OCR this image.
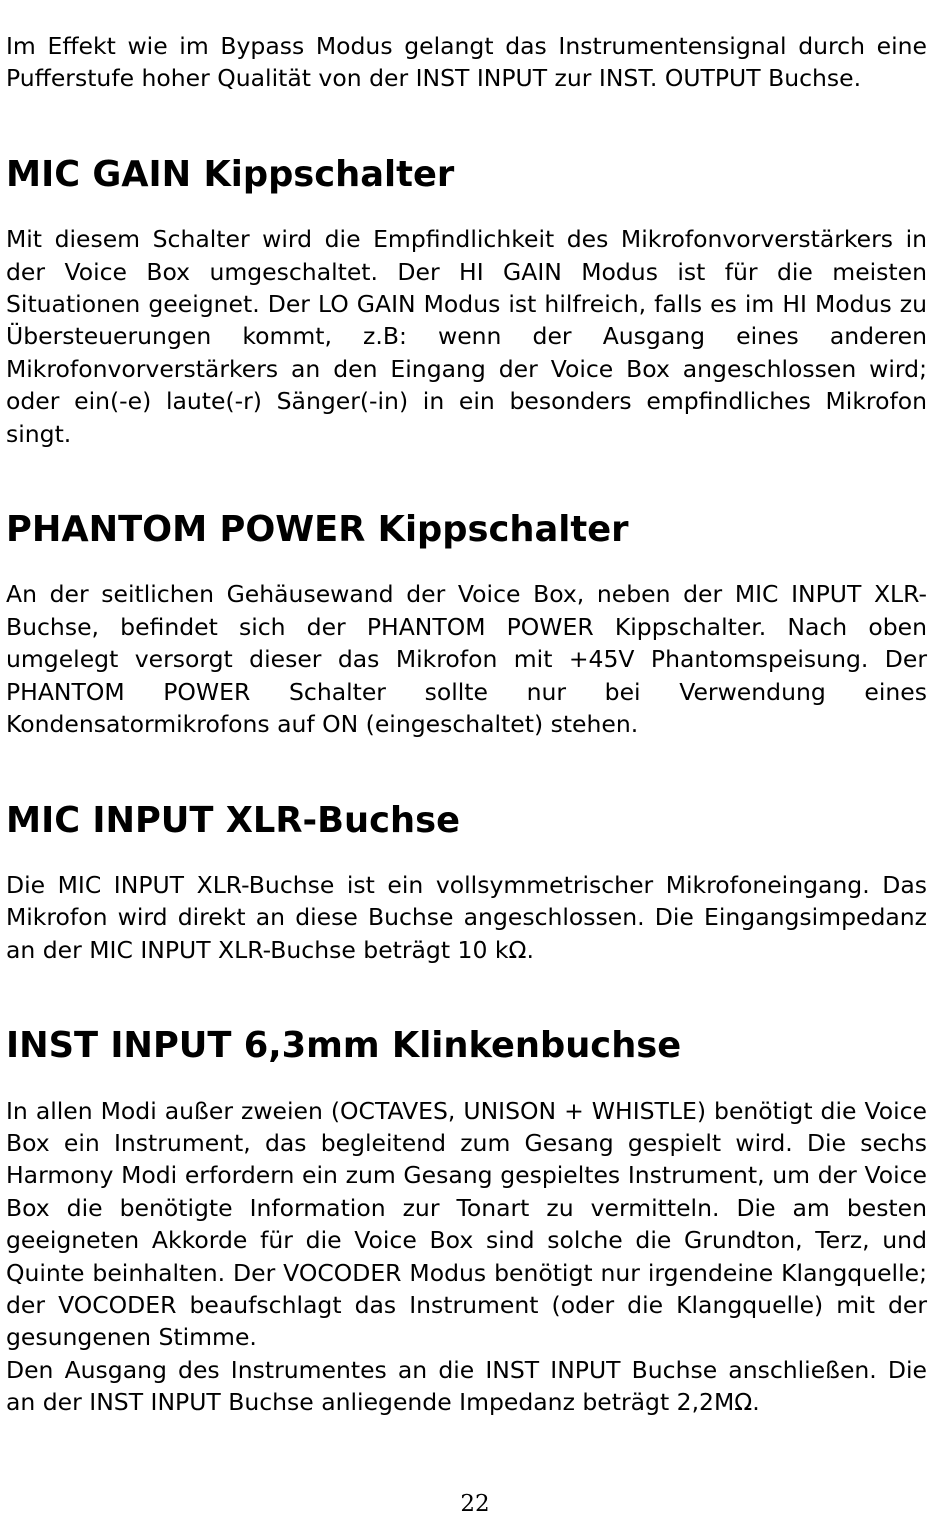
Im Effekt wie im Bypass Modus gelangt das Instrumentensignal durch eine Pufferstufe hoher Qualität von der INST INPUT zur INST. OUTPUT Buchse.

MIC GAIN Kippschalter

Mit diesem Schalter wird die Empfindlichkeit des Mikrofonvorverstärkers in der Voice Box umgeschaltet. Der HI GAIN Modus ist für die meisten Situationen geeignet. Der LO GAIN Modus ist hilfreich, falls es im HI Modus zu Übersteuerungen kommt, z.B: wenn der Ausgang eines anderen Mikrofonvorverstärkers an den Eingang der Voice Box angeschlossen wird; oder ein(-e) laute(-r) Sänger(-in) in ein besonders empfindliches Mikrofon singt.

PHANTOM POWER Kippschalter

An der seitlichen Gehäusewand der Voice Box, neben der MIC INPUT XLR-Buchse, befindet sich der PHANTOM POWER Kippschalter. Nach oben umgelegt versorgt dieser das Mikrofon mit +45V Phantomspeisung. Der PHANTOM POWER Schalter sollte nur bei Verwendung eines Kondensatormikrofons auf ON (eingeschaltet) stehen.

MIC INPUT XLR-Buchse

Die MIC INPUT XLR-Buchse ist ein vollsymmetrischer Mikrofoneingang. Das Mikrofon wird direkt an diese Buchse angeschlossen. Die Eingangsimpedanz an der MIC INPUT XLR-Buchse beträgt 10 kΩ.

INST INPUT 6,3mm Klinkenbuchse

In allen Modi außer zweien (OCTAVES, UNISON + WHISTLE) benötigt die Voice Box ein Instrument, das begleitend zum Gesang gespielt wird. Die sechs Harmony Modi erfordern ein zum Gesang gespieltes Instrument, um der Voice Box die benötigte Information zur Tonart zu vermitteln. Die am besten geeigneten Akkorde für die Voice Box sind solche die Grundton, Terz, und Quinte beinhalten. Der VOCODER Modus benötigt nur irgendeine Klangquelle; der VOCODER beaufschlagt das Instrument (oder die Klangquelle) mit der gesungenen Stimme.

Den Ausgang des Instrumentes an die INST INPUT Buchse anschließen. Die an der INST INPUT Buchse anliegende Impedanz beträgt 2,2MΩ.

22
